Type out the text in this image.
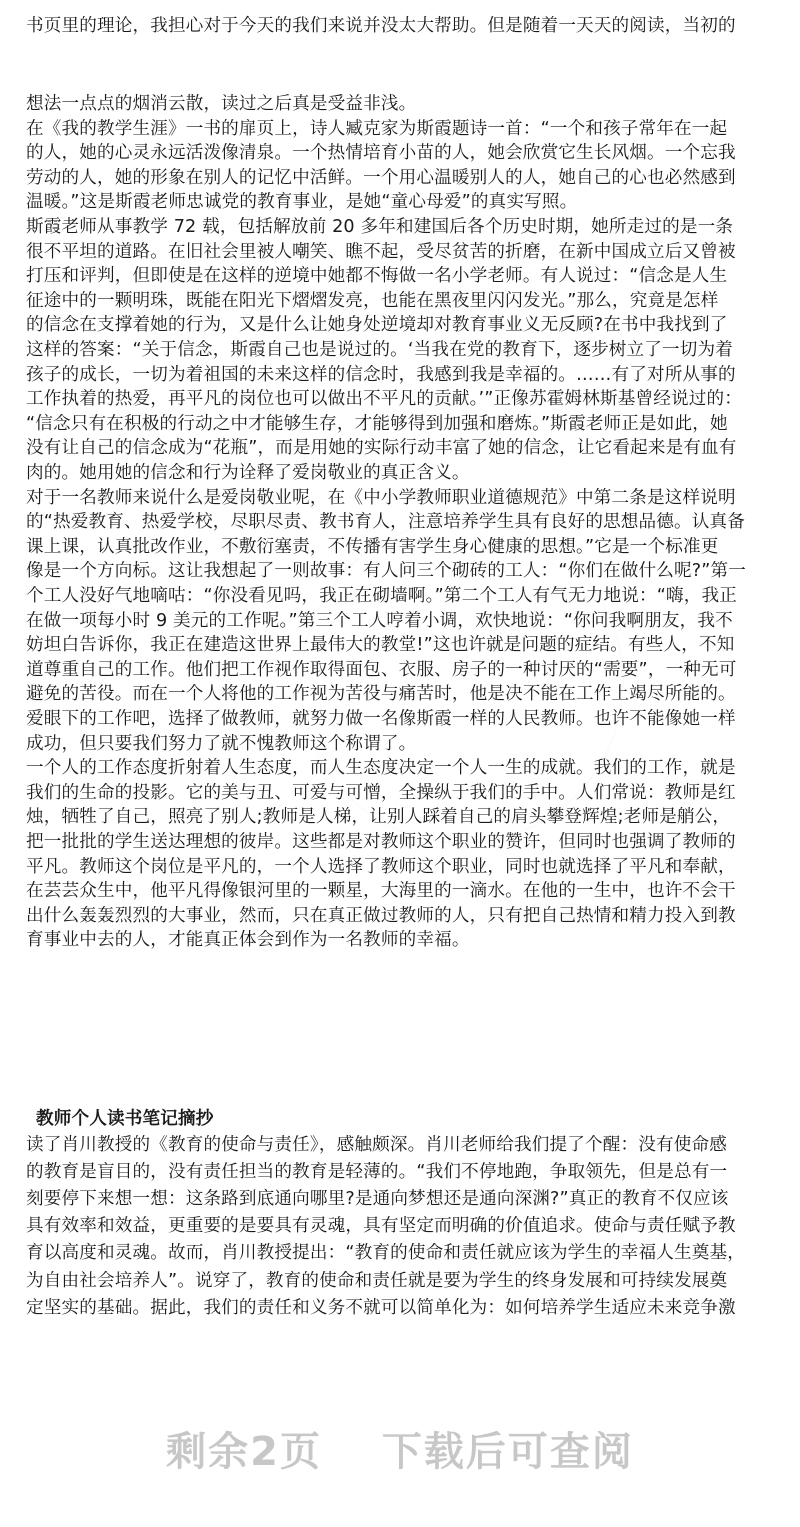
书页里的理论，我担心对于今天的我们来说并没太大帮助。但是随着一天天的阅读，当初的
想法一点点的烟消云散，读过之后真是受益非浅。
在《我的教学生涯》一书的扉页上，诗人臧克家为斯霞题诗一首：“一个和孩子常年在一起
的人，她的心灵永远活泼像清泉。一个热情培育小苗的人，她会欣赏它生长风烟。一个忘我
劳动的人，她的形象在别人的记忆中活鲜。一个用心温暖别人的人，她自己的心也必然感到
温暖。”这是斯霞老师忠诚党的教育事业，是她“童心母爱”的真实写照。
斯霞老师从事教学 72 载，包括解放前 20 多年和建国后各个历史时期，她所走过的是一条
很不平坦的道路。在旧社会里被人嘲笑、瞧不起，受尽贫苦的折磨，在新中国成立后又曾被
打压和评判，但即使是在这样的逆境中她都不悔做一名小学老师。有人说过：“信念是人生
征途中的一颗明珠，既能在阳光下熠熠发亮，也能在黑夜里闪闪发光。”那么，究竟是怎样
的信念在支撑着她的行为，又是什么让她身处逆境却对教育事业义无反顾?在书中我找到了
这样的答案：“关于信念，斯霞自己也是说过的。‘当我在党的教育下，逐步树立了一切为着
孩子的成长，一切为着祖国的未来这样的信念时，我感到我是幸福的。……有了对所从事的
工作执着的热爱，再平凡的岗位也可以做出不平凡的贡献。’”正像苏霍姆林斯基曾经说过的：
“信念只有在积极的行动之中才能够生存，才能够得到加强和磨炼。”斯霞老师正是如此，她
没有让自己的信念成为“花瓶”，而是用她的实际行动丰富了她的信念，让它看起来是有血有
肉的。她用她的信念和行为诠释了爱岗敬业的真正含义。
对于一名教师来说什么是爱岗敬业呢，在《中小学教师职业道德规范》中第二条是这样说明
的“热爱教育、热爱学校，尽职尽责、教书育人，注意培养学生具有良好的思想品德。认真备
课上课，认真批改作业，不敷衍塞责，不传播有害学生身心健康的思想。”它是一个标准更
像是一个方向标。这让我想起了一则故事：有人问三个砌砖的工人：“你们在做什么呢?”第一
个工人没好气地嘀咕：“你没看见吗，我正在砌墙啊。”第二个工人有气无力地说：“嗨，我正
在做一项每小时 9 美元的工作呢。”第三个工人哼着小调，欢快地说：“你问我啊朋友，我不
妨坦白告诉你，我正在建造这世界上最伟大的教堂!”这也许就是问题的症结。有些人，不知
道尊重自己的工作。他们把工作视作取得面包、衣服、房子的一种讨厌的“需要”，一种无可
避免的苦役。而在一个人将他的工作视为苦役与痛苦时，他是决不能在工作上竭尽所能的。
爱眼下的工作吧，选择了做教师，就努力做一名像斯霞一样的人民教师。也许不能像她一样
成功，但只要我们努力了就不愧教师这个称谓了。
一个人的工作态度折射着人生态度，而人生态度决定一个人一生的成就。我们的工作，就是
我们的生命的投影。它的美与丑、可爱与可憎，全操纵于我们的手中。人们常说：教师是红
烛，牺牲了自己，照亮了别人;教师是人梯，让别人踩着自己的肩头攀登辉煌;老师是艄公，
把一批批的学生送达理想的彼岸。这些都是对教师这个职业的赞许，但同时也强调了教师的
平凡。教师这个岗位是平凡的，一个人选择了教师这个职业，同时也就选择了平凡和奉献，
在芸芸众生中，他平凡得像银河里的一颗星，大海里的一滴水。在他的一生中，也许不会干
出什么轰轰烈烈的大事业，然而，只在真正做过教师的人，只有把自己热情和精力投入到教
育事业中去的人，才能真正体会到作为一名教师的幸福。
教师个人读书笔记摘抄
读了肖川教授的《教育的使命与责任》，感触颇深。肖川老师给我们提了个醒：没有使命感
的教育是盲目的，没有责任担当的教育是轻薄的。“我们不停地跑，争取领先，但是总有一
刻要停下来想一想：这条路到底通向哪里?是通向梦想还是通向深渊?”真正的教育不仅应该
具有效率和效益，更重要的是要具有灵魂，具有坚定而明确的价值追求。使命与责任赋予教
育以高度和灵魂。故而，肖川教授提出：“教育的使命和责任就应该为学生的幸福人生奠基，
为自由社会培养人”。说穿了，教育的使命和责任就是要为学生的终身发展和可持续发展奠
定坚实的基础。据此，我们的责任和义务不就可以简单化为：如何培养学生适应未来竞争激
剩余2页 下载后可查阅
